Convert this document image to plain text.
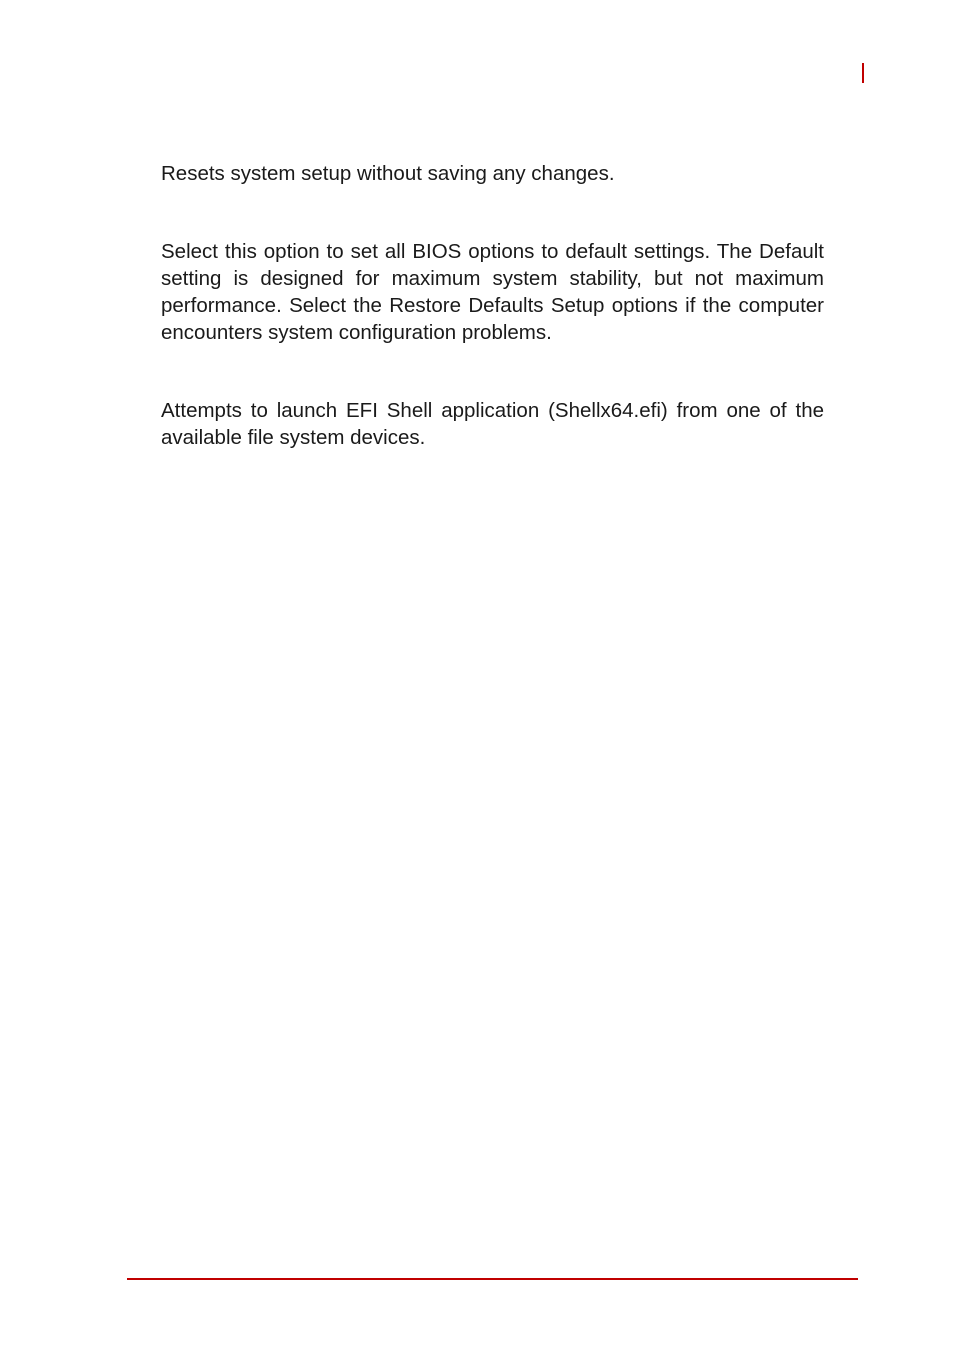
Resets system setup without saving any changes.

Select this option to set all BIOS options to default settings. The Default setting is designed for maximum system stability, but not maximum performance. Select the Restore Defaults Setup options if the computer encounters system configuration problems.

Attempts to launch EFI Shell application (Shellx64.efi) from one of the available file system devices.
